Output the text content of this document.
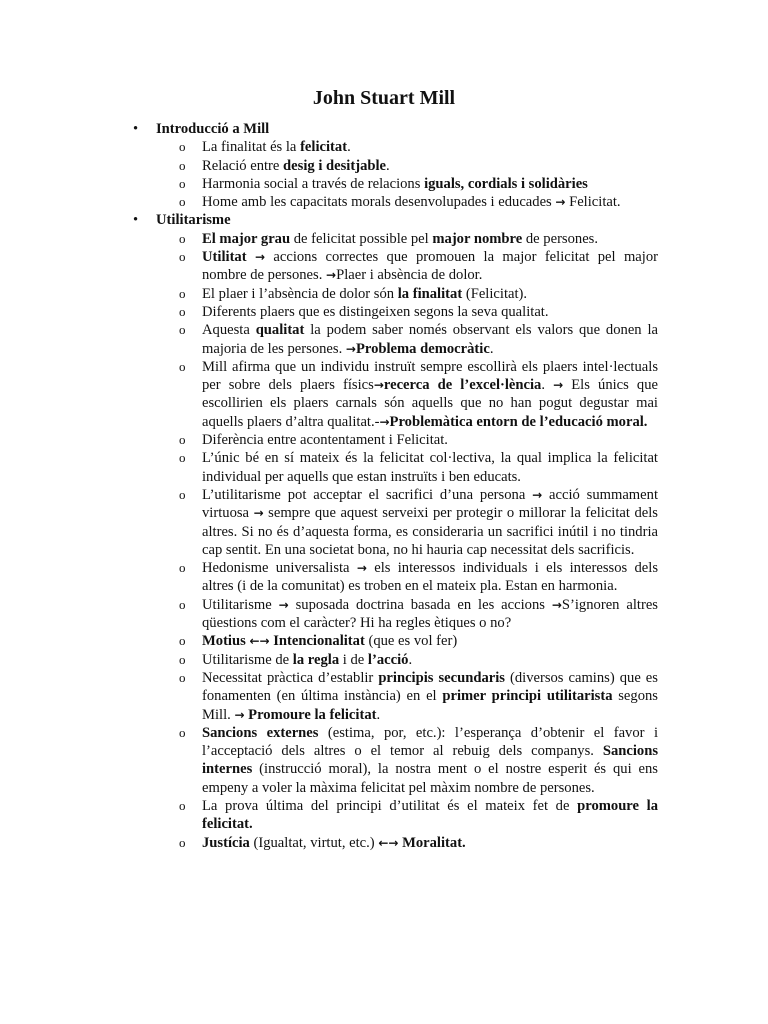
John Stuart Mill
• Introducció a Mill
o La finalitat és la felicitat.
o Relació entre desig i desitjable.
o Harmonia social a través de relacions iguals, cordials i solidàries
o Home amb les capacitats morals desenvolupades i educades → Felicitat.
• Utilitarisme
o El major grau de felicitat possible pel major nombre de persones.
o Utilitat → accions correctes que promouen la major felicitat pel major nombre de persones. →Plaer i absència de dolor.
o El plaer i l’absència de dolor són la finalitat (Felicitat).
o Diferents plaers que es distingeixen segons la seva qualitat.
o Aquesta qualitat la podem saber només observant els valors que donen la majoria de les persones. →Problema democràtic.
o Mill afirma que un individu instruït sempre escollirà els plaers intel·lectuals per sobre dels plaers físics→recerca de l’excel·lència. → Els únics que escollirien els plaers carnals són aquells que no han pogut degustar mai aquells plaers d’altra qualitat.-→Problemàtica entorn de l’educació moral.
o Diferència entre acontentament i Felicitat.
o L’únic bé en sí mateix és la felicitat col·lectiva, la qual implica la felicitat individual per aquells que estan instruïts i ben educats.
o L’utilitarisme pot acceptar el sacrifici d’una persona → acció summament virtuosa → sempre que aquest serveixi per protegir o millorar la felicitat dels altres. Si no és d’aquesta forma, es consideraria un sacrifici inútil i no tindria cap sentit. En una societat bona, no hi hauria cap necessitat dels sacrificis.
o Hedonisme universalista → els interessos individuals i els interessos dels altres (i de la comunitat) es troben en el mateix pla. Estan en harmonia.
o Utilitarisme → suposada doctrina basada en les accions →S’ignoren altres qüestions com el caràcter? Hi ha regles ètiques o no?
o Motius ←→ Intencionalitat (que es vol fer)
o Utilitarisme de la regla i de l’acció.
o Necessitat pràctica d’establir principis secundaris (diversos camins) que es fonamenten (en última instància) en el primer principi utilitarista segons Mill. → Promoure la felicitat.
o Sancions externes (estima, por, etc.): l’esperança d’obtenir el favor i l’acceptació dels altres o el temor al rebuig dels companys. Sancions internes (instrucció moral), la nostra ment o el nostre esperit és qui ens empeny a voler la màxima felicitat pel màxim nombre de persones.
o La prova última del principi d’utilitat és el mateix fet de promoure la felicitat.
o Justícia (Igualtat, virtut, etc.) ←→ Moralitat.
